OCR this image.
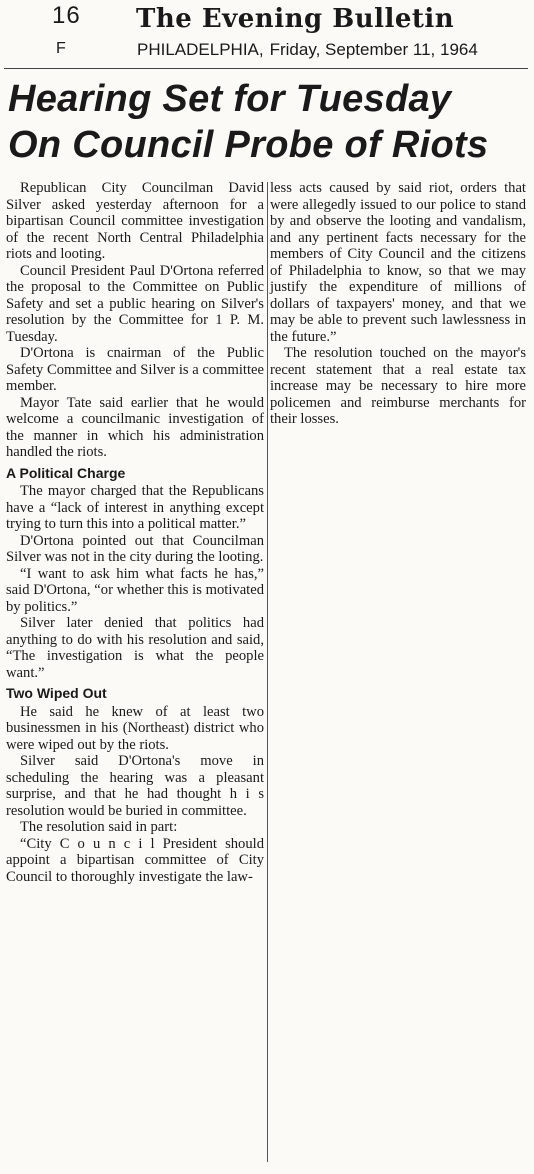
16
F
The Evening Bulletin
PHILADELPHIA, Friday, September 11, 1964
Hearing Set for Tuesday
On Council Probe of Riots

Republican City Councilman David Silver asked yesterday afternoon for a bipartisan Council committee investigation of the recent North Central Philadelphia riots and looting.

Council President Paul D'Ortona referred the proposal to the Committee on Public Safety and set a public hearing on Silver's resolution by the Committee for 1 P. M. Tuesday.

D'Ortona is cnairman of the Public Safety Committee and Silver is a committee member.

Mayor Tate said earlier that he would welcome a councilmanic investigation of the manner in which his administration handled the riots.

A Political Charge

The mayor charged that the Republicans have a “lack of interest in anything except trying to turn this into a political matter.”

D'Ortona pointed out that Councilman Silver was not in the city during the looting.

“I want to ask him what facts he has,” said D'Ortona, “or whether this is motivated by politics.”

Silver later denied that politics had anything to do with his resolution and said, “The investigation is what the people want.”

Two Wiped Out

He said he knew of at least two businessmen in his (Northeast) district who were wiped out by the riots.

Silver said D'Ortona's move in scheduling the hearing was a pleasant surprise, and that he had thought h i s resolution would be buried in committee.

The resolution said in part:

“City C o u n c i l President should appoint a bipartisan committee of City Council to thoroughly investigate the law-

less acts caused by said riot, orders that were allegedly issued to our police to stand by and observe the looting and vandalism, and any pertinent facts necessary for the members of City Council and the citizens of Philadelphia to know, so that we may justify the expenditure of millions of dollars of taxpayers' money, and that we may be able to prevent such lawlessness in the future.”

The resolution touched on the mayor's recent statement that a real estate tax increase may be necessary to hire more policemen and reimburse merchants for their losses.
